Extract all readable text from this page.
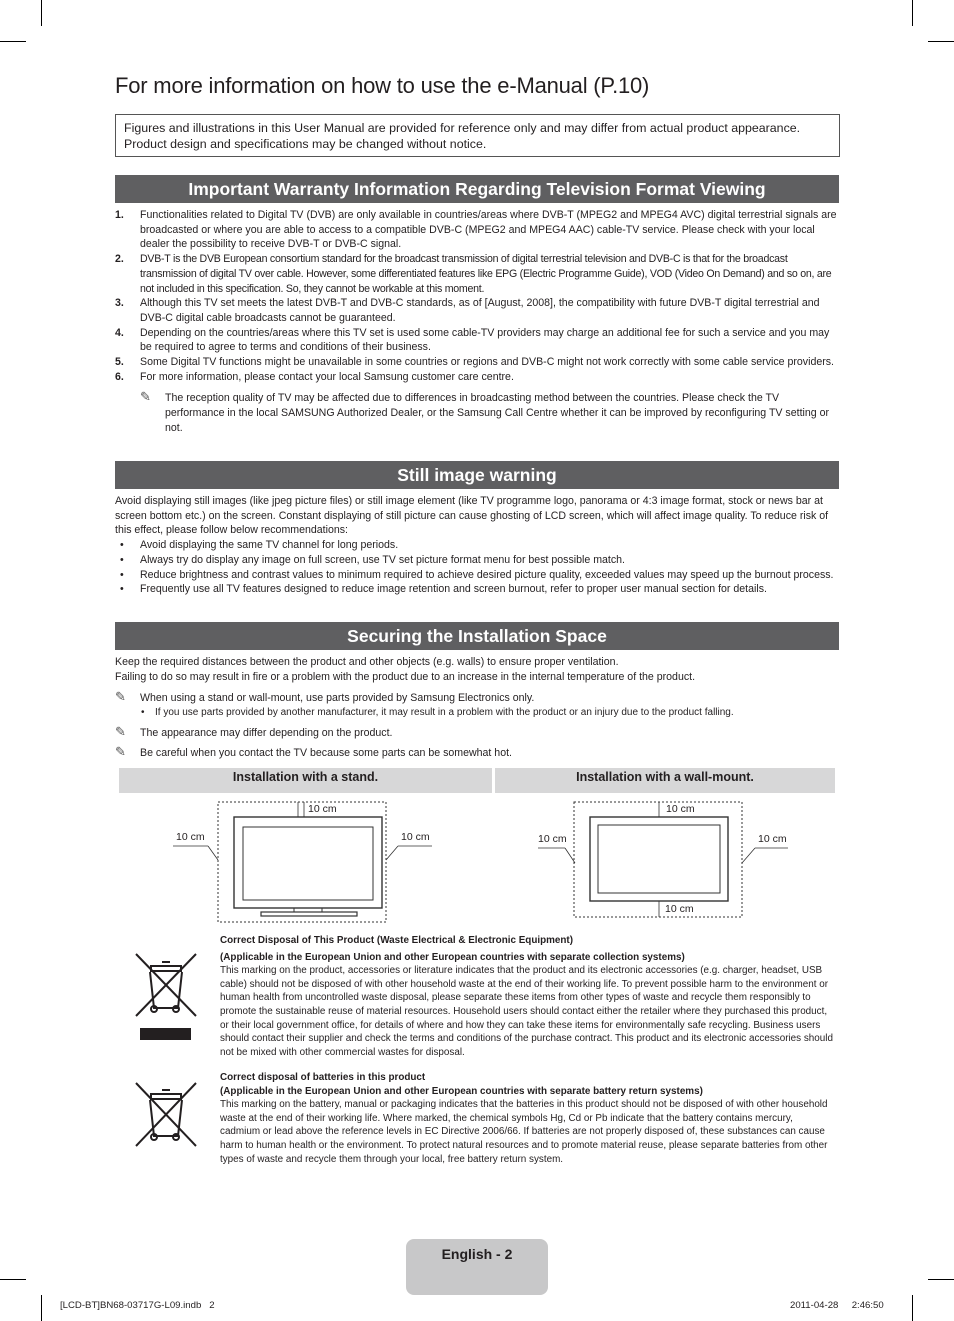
For more information on how to use the e-Manual (P.10)
Figures and illustrations in this User Manual are provided for reference only and may differ from actual product appearance.
Product design and specifications may be changed without notice.
Important Warranty Information Regarding Television Format Viewing
1. Functionalities related to Digital TV (DVB) are only available in countries/areas where DVB-T (MPEG2 and MPEG4 AVC) digital terrestrial signals are broadcasted or where you are able to access to a compatible DVB-C (MPEG2 and MPEG4 AAC) cable-TV service. Please check with your local dealer the possibility to receive DVB-T or DVB-C signal.
2. DVB-T is the DVB European consortium standard for the broadcast transmission of digital terrestrial television and DVB-C is that for the broadcast transmission of digital TV over cable. However, some differentiated features like EPG (Electric Programme Guide), VOD (Video On Demand) and so on, are not included in this specification. So, they cannot be workable at this moment.
3. Although this TV set meets the latest DVB-T and DVB-C standards, as of [August, 2008], the compatibility with future DVB-T digital terrestrial and DVB-C digital cable broadcasts cannot be guaranteed.
4. Depending on the countries/areas where this TV set is used some cable-TV providers may charge an additional fee for such a service and you may be required to agree to terms and conditions of their business.
5. Some Digital TV functions might be unavailable in some countries or regions and DVB-C might not work correctly with some cable service providers.
6. For more information, please contact your local Samsung customer care centre.
✎ The reception quality of TV may be affected due to differences in broadcasting method between the countries. Please check the TV performance in the local SAMSUNG Authorized Dealer, or the Samsung Call Centre whether it can be improved by reconfiguring TV setting or not.
Still image warning
Avoid displaying still images (like jpeg picture files) or still image element (like TV programme logo, panorama or 4:3 image format, stock or news bar at screen bottom etc.) on the screen. Constant displaying of still picture can cause ghosting of LCD screen, which will affect image quality. To reduce risk of this effect, please follow below recommendations:
• Avoid displaying the same TV channel for long periods.
• Always try do display any image on full screen, use TV set picture format menu for best possible match.
• Reduce brightness and contrast values to minimum required to achieve desired picture quality, exceeded values may speed up the burnout process.
• Frequently use all TV features designed to reduce image retention and screen burnout, refer to proper user manual section for details.
Securing the Installation Space
Keep the required distances between the product and other objects (e.g. walls) to ensure proper ventilation.
Failing to do so may result in fire or a problem with the product due to an increase in the internal temperature of the product.
✎ When using a stand or wall-mount, use parts provided by Samsung Electronics only.
• If you use parts provided by another manufacturer, it may result in a problem with the product or an injury due to the product falling.
✎ The appearance may differ depending on the product.
✎ Be careful when you contact the TV because some parts can be somewhat hot.
Installation with a stand.	Installation with a wall-mount.
10 cm
10 cm	10 cm
10 cm
10 cm	10 cm
10 cm
Correct Disposal of This Product (Waste Electrical & Electronic Equipment)
(Applicable in the European Union and other European countries with separate collection systems)
This marking on the product, accessories or literature indicates that the product and its electronic accessories (e.g. charger, headset, USB cable) should not be disposed of with other household waste at the end of their working life. To prevent possible harm to the environment or human health from uncontrolled waste disposal, please separate these items from other types of waste and recycle them responsibly to promote the sustainable reuse of material resources. Household users should contact either the retailer where they purchased this product, or their local government office, for details of where and how they can take these items for environmentally safe recycling. Business users should contact their supplier and check the terms and conditions of the purchase contract. This product and its electronic accessories should not be mixed with other commercial wastes for disposal.
Correct disposal of batteries in this product
(Applicable in the European Union and other European countries with separate battery return systems)
This marking on the battery, manual or packaging indicates that the batteries in this product should not be disposed of with other household waste at the end of their working life. Where marked, the chemical symbols Hg, Cd or Pb indicate that the battery contains mercury, cadmium or lead above the reference levels in EC Directive 2006/66. If batteries are not properly disposed of, these substances can cause harm to human health or the environment. To protect natural resources and to promote material reuse, please separate batteries from other types of waste and recycle them through your local, free battery return system.
English - 2
[LCD-BT]BN68-03717G-L09.indb   2	2011-04-28     2:46:50
